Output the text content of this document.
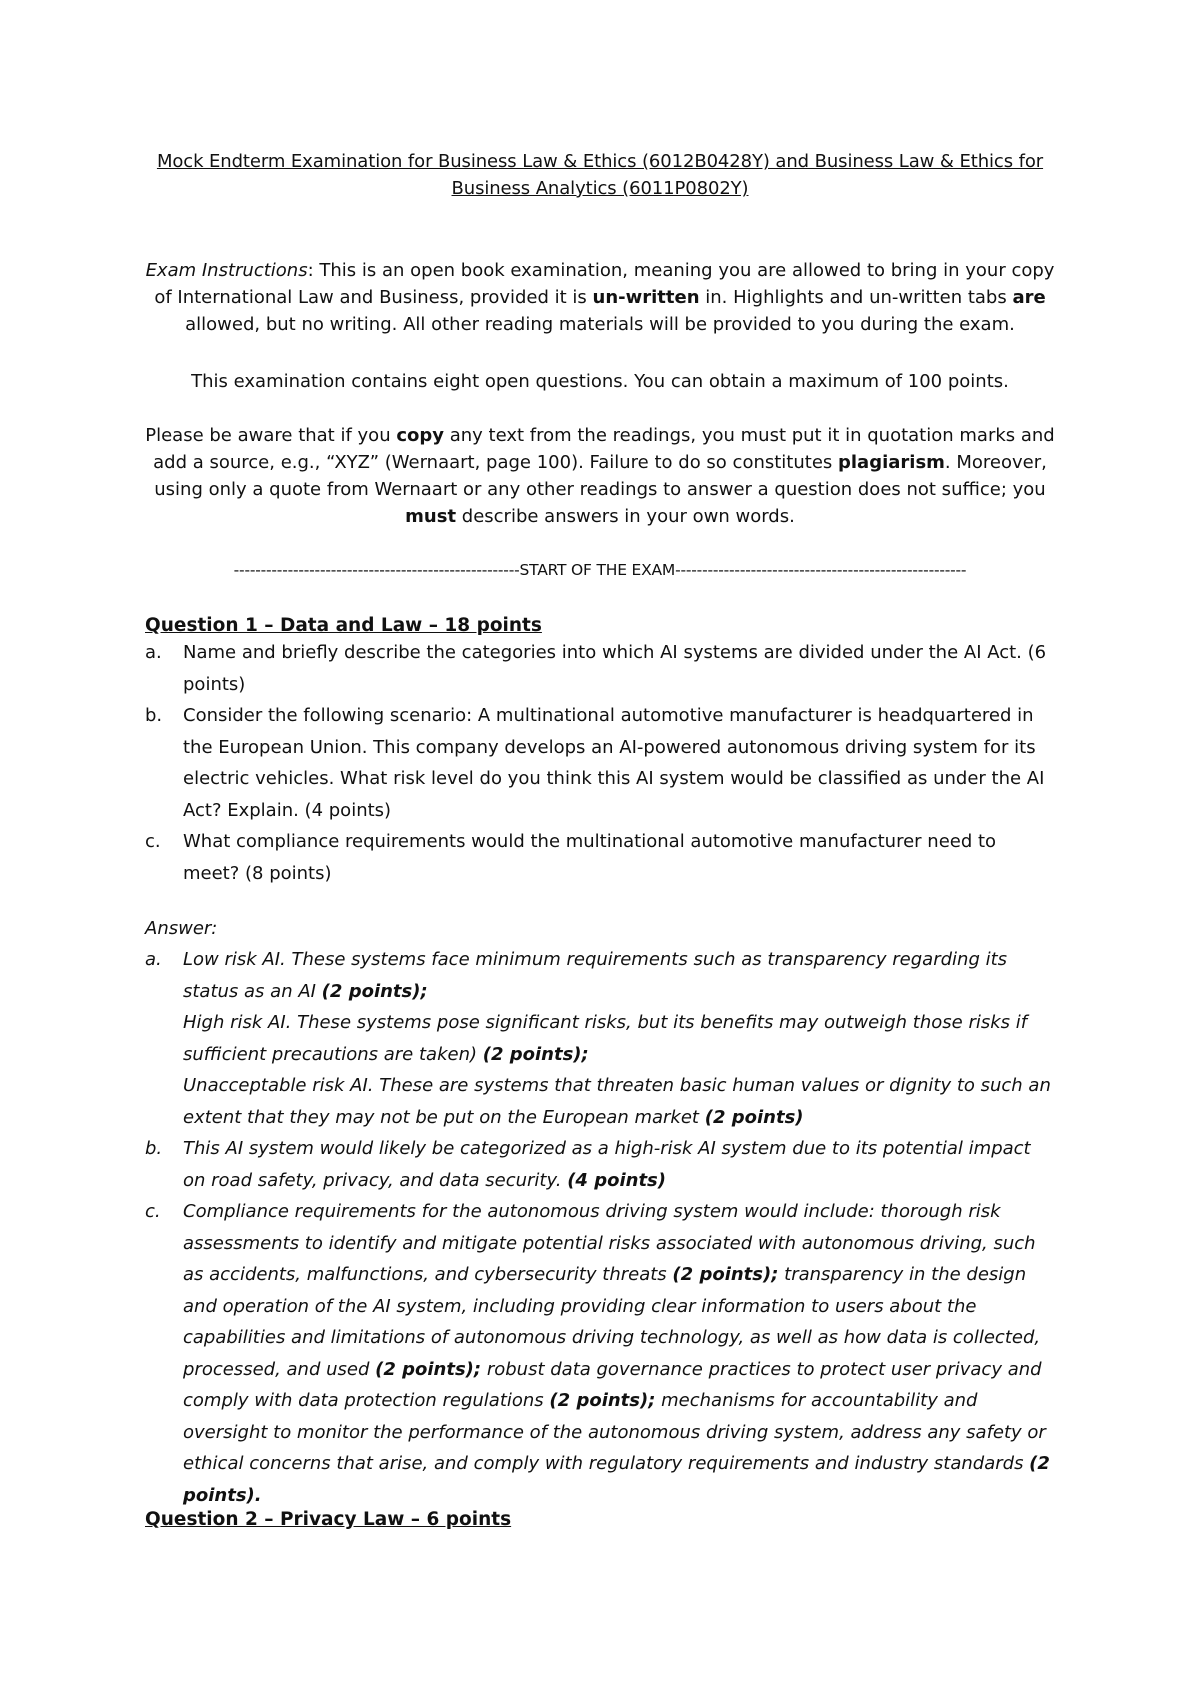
Mock Endterm Examination for Business Law & Ethics (6012B0428Y) and Business Law & Ethics for Business Analytics (6011P0802Y)
Exam Instructions: This is an open book examination, meaning you are allowed to bring in your copy of International Law and Business, provided it is un-written in. Highlights and un-written tabs are allowed, but no writing. All other reading materials will be provided to you during the exam.
This examination contains eight open questions. You can obtain a maximum of 100 points.
Please be aware that if you copy any text from the readings, you must put it in quotation marks and add a source, e.g., “XYZ” (Wernaart, page 100). Failure to do so constitutes plagiarism. Moreover, using only a quote from Wernaart or any other readings to answer a question does not suffice; you must describe answers in your own words.
-----------------------------------------------------START OF THE EXAM------------------------------------------------------
Question 1 – Data and Law – 18 points
a.	Name and briefly describe the categories into which AI systems are divided under the AI Act. (6 points)
b.	Consider the following scenario: A multinational automotive manufacturer is headquartered in the European Union. This company develops an AI-powered autonomous driving system for its electric vehicles. What risk level do you think this AI system would be classified as under the AI Act? Explain. (4 points)
c.	What compliance requirements would the multinational automotive manufacturer need to meet? (8 points)
Answer:
a.	Low risk AI. These systems face minimum requirements such as transparency regarding its status as an AI (2 points);
High risk AI. These systems pose significant risks, but its benefits may outweigh those risks if sufficient precautions are taken) (2 points);
Unacceptable risk AI. These are systems that threaten basic human values or dignity to such an extent that they may not be put on the European market (2 points)
b.	This AI system would likely be categorized as a high-risk AI system due to its potential impact on road safety, privacy, and data security. (4 points)
c.	Compliance requirements for the autonomous driving system would include: thorough risk assessments to identify and mitigate potential risks associated with autonomous driving, such as accidents, malfunctions, and cybersecurity threats (2 points); transparency in the design and operation of the AI system, including providing clear information to users about the capabilities and limitations of autonomous driving technology, as well as how data is collected, processed, and used (2 points); robust data governance practices to protect user privacy and comply with data protection regulations (2 points); mechanisms for accountability and oversight to monitor the performance of the autonomous driving system, address any safety or ethical concerns that arise, and comply with regulatory requirements and industry standards (2 points).
Question 2 – Privacy Law – 6 points
